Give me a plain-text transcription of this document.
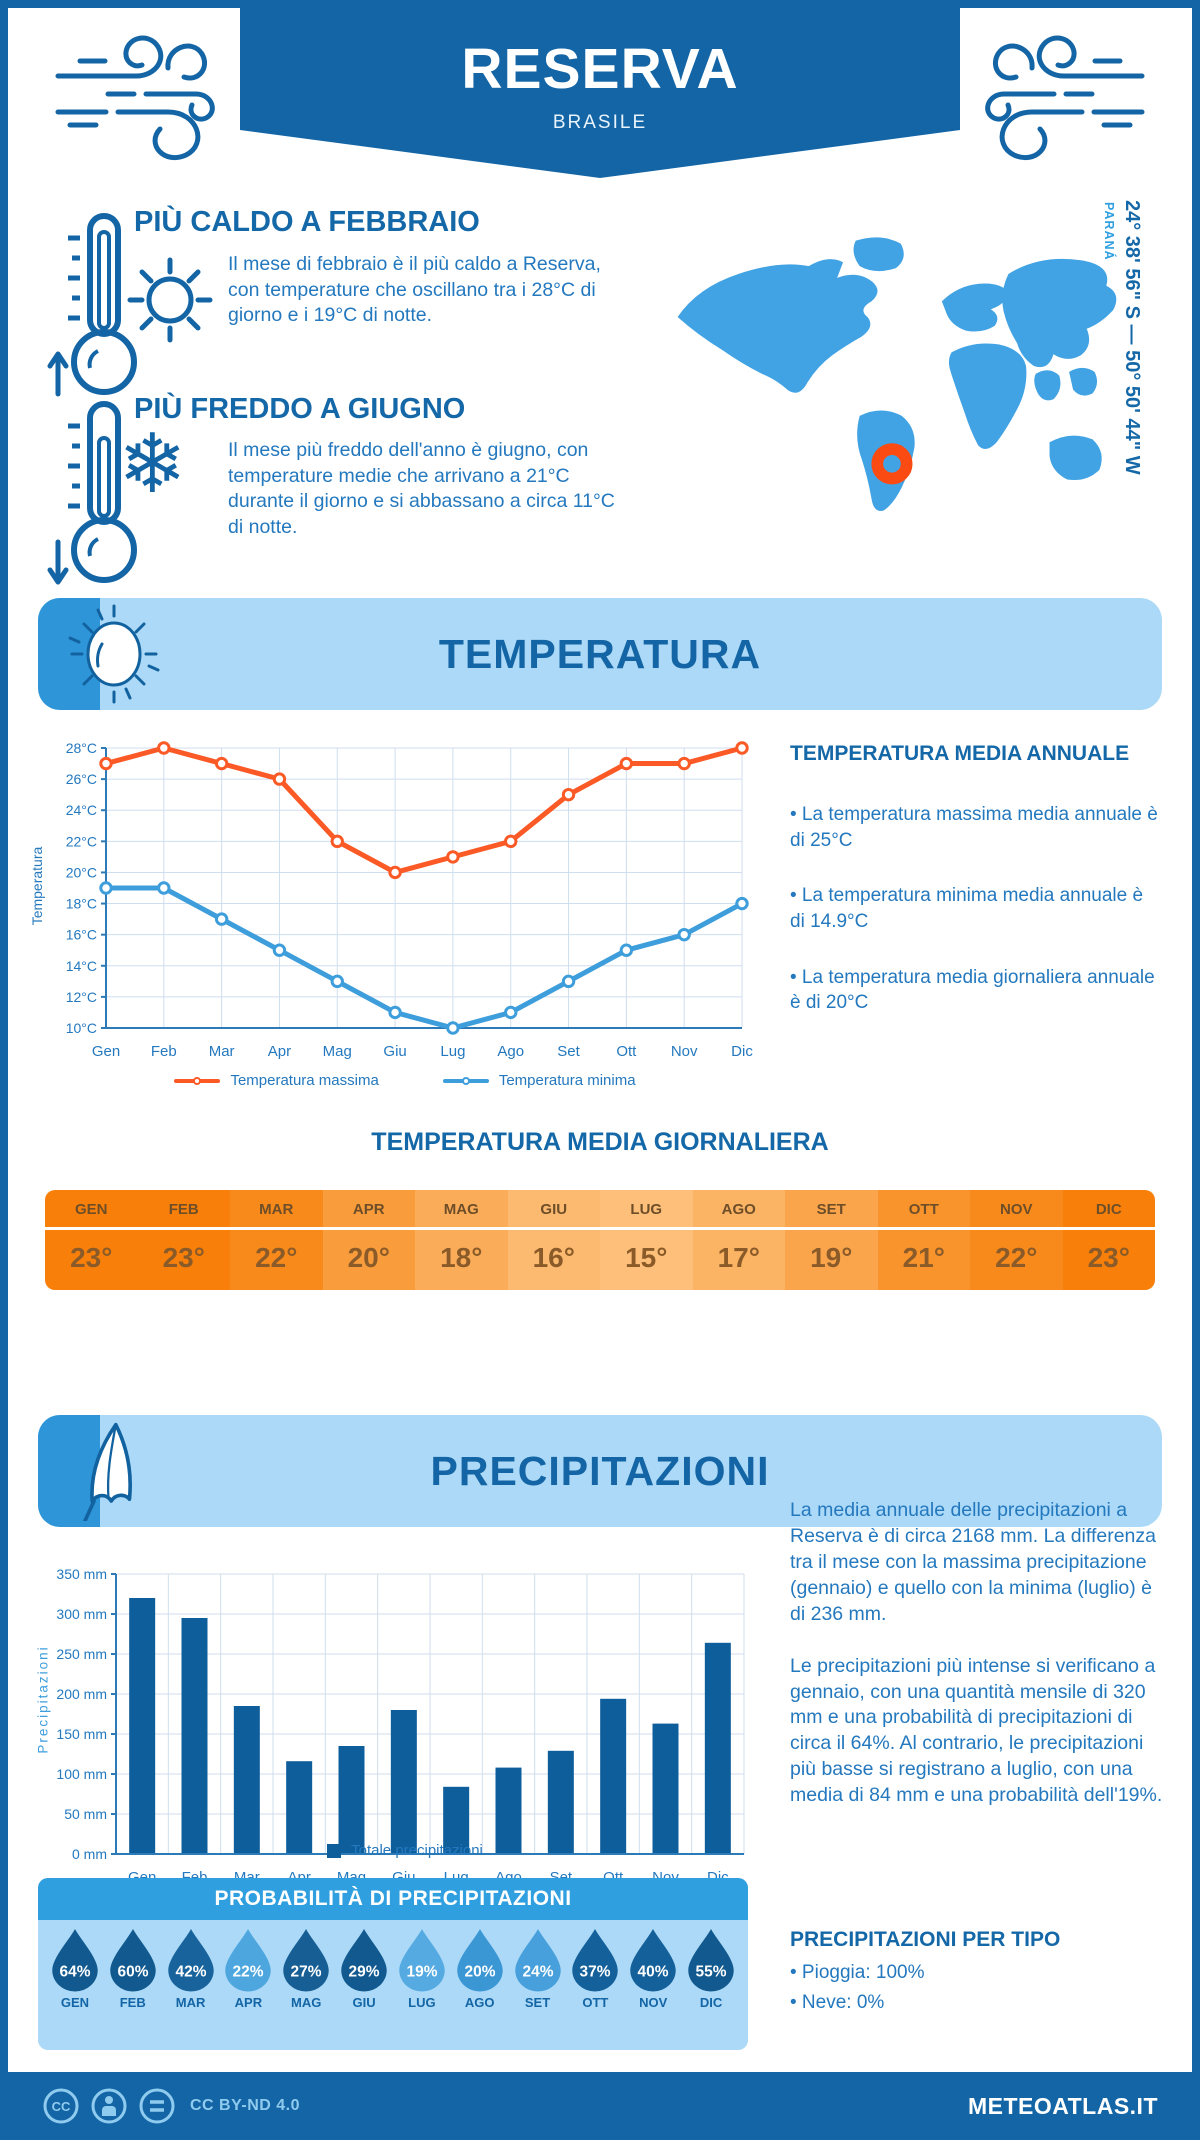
RESERVA
BRASILE
PIÙ CALDO A FEBBRAIO
Il mese di febbraio è il più caldo a Reserva, con temperature che oscillano tra i 28°C di giorno e i 19°C di notte.
❄
PIÙ FREDDO A GIUGNO
Il mese più freddo dell'anno è giugno, con temperature medie che arrivano a 21°C durante il giorno e si abbassano a circa 11°C di notte.
24° 38' 56" S — 50° 50' 44" W
PARANÁ
TEMPERATURA
10°C
12°C
14°C
16°C
18°C
20°C
22°C
24°C
26°C
28°C
Gen Feb Mar Apr Mag Giu Lug Ago Set Ott Nov Dic
Temperatura
Temperatura massima	Temperatura minima
TEMPERATURA MEDIA ANNUALE
• La temperatura massima media annuale è di 25°C
• La temperatura minima media annuale è di 14.9°C
• La temperatura media giornaliera annuale è di 20°C
TEMPERATURA MEDIA GIORNALIERA
GEN
23°
FEB
23°
MAR
22°
APR
20°
MAG
18°
GIU
16°
LUG
15°
AGO
17°
SET
19°
OTT
21°
NOV
22°
DIC
23°
PRECIPITAZIONI
0 mm
50 mm
100 mm
150 mm
200 mm
250 mm
300 mm
350 mm
Precipitazioni
Totale precipitazioni
La media annuale delle precipitazioni a Reserva è di circa 2168 mm. La differenza tra il mese con la massima precipitazione (gennaio) e quello con la minima (luglio) è di 236 mm.
Le precipitazioni più intense si verificano a gennaio, con una quantità mensile di 320 mm e una probabilità di precipitazioni di circa il 64%. Al contrario, le precipitazioni più basse si registrano a luglio, con una media di 84 mm e una probabilità dell'19%.
PROBABILITÀ DI PRECIPITAZIONI
64%
GEN
60%
FEB
42%
MAR
22%
APR
27%
MAG
29%
GIU
19%
LUG
20%
AGO
24%
SET
37%
OTT
40%
NOV
55%
DIC
PRECIPITAZIONI PER TIPO
• Pioggia: 100%
• Neve: 0%
CC	CC BY-ND 4.0	METEOATLAS.IT
